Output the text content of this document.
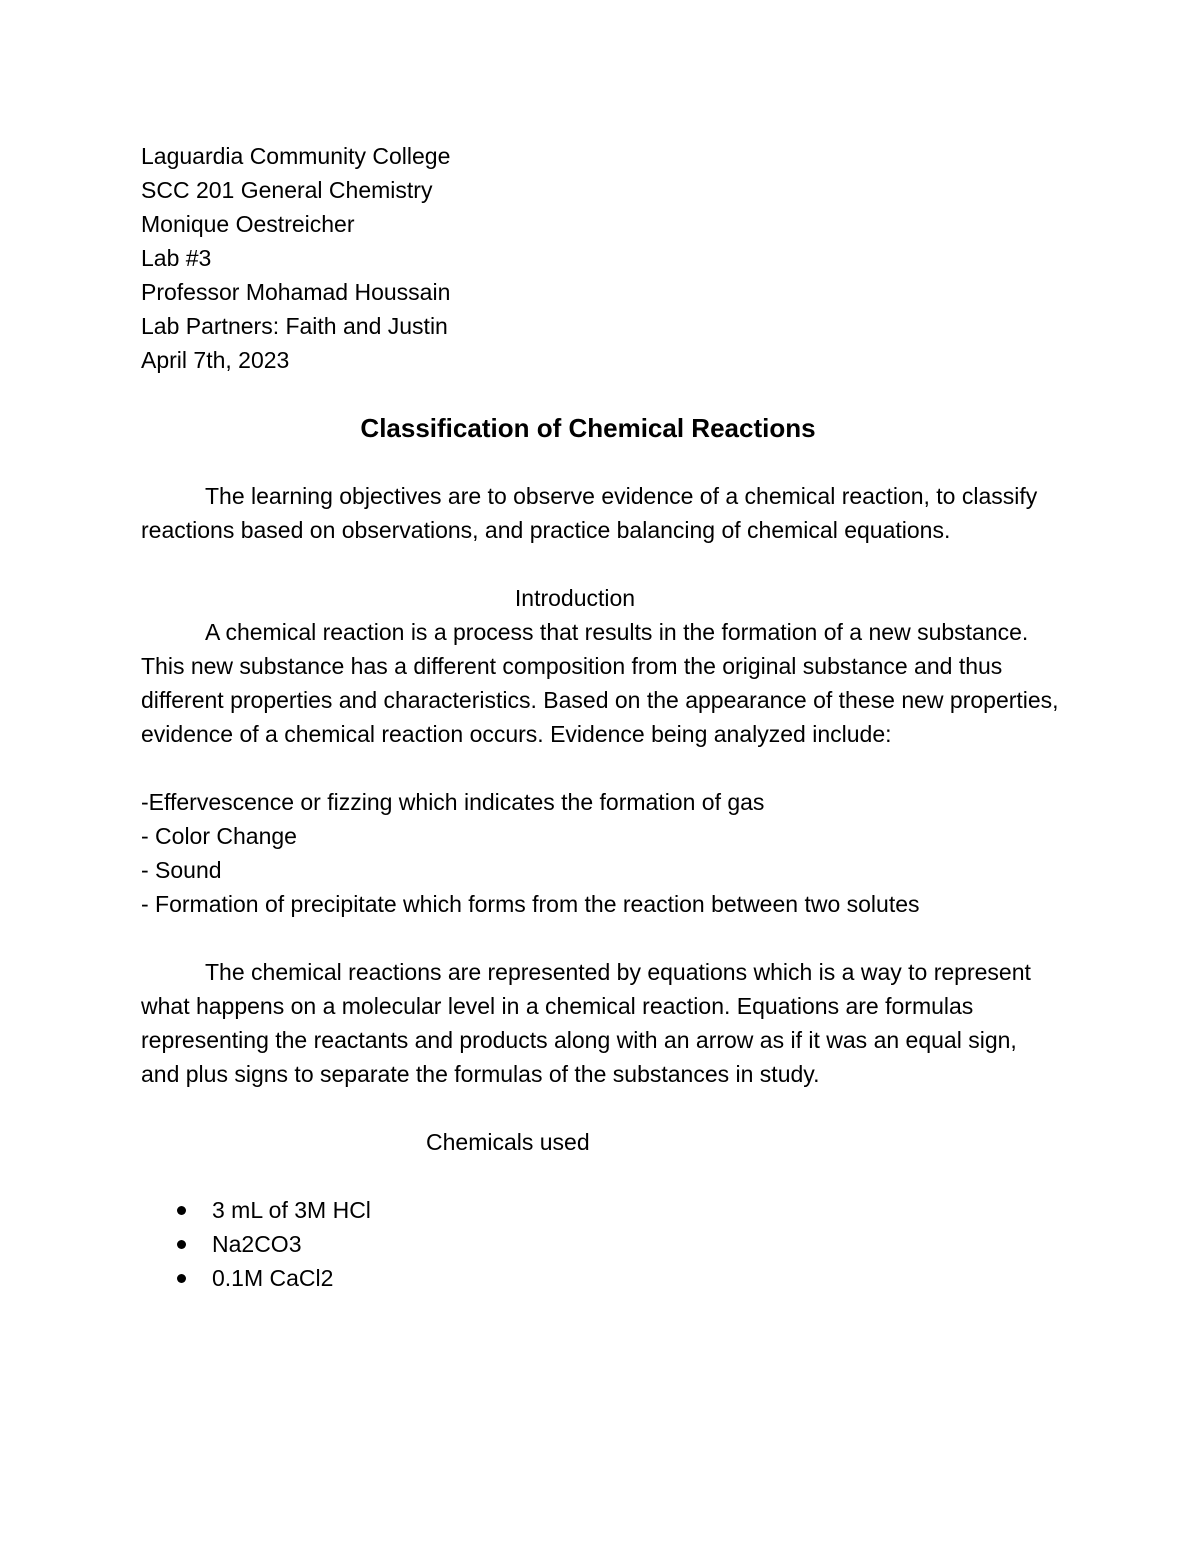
Laguardia Community College
SCC 201 General Chemistry
Monique Oestreicher
Lab #3
Professor Mohamad Houssain
Lab Partners: Faith and Justin
April 7th, 2023
Classification of Chemical Reactions
The learning objectives are to observe evidence of a chemical reaction, to classify reactions based on observations, and practice balancing of chemical equations.
Introduction
A chemical reaction is a process that results in the formation of a new substance. This new substance has a different composition from the original substance and thus different properties and characteristics. Based on the appearance of these new properties, evidence of a chemical reaction occurs. Evidence being analyzed include:
-Effervescence or fizzing which indicates the formation of gas
- Color Change
- Sound
- Formation of precipitate which forms from the reaction between two solutes
The chemical reactions are represented by equations which is a way to represent what happens on a molecular level in a chemical reaction. Equations are formulas representing the reactants and products along with an arrow as if it was an equal sign, and plus signs to separate the formulas of the substances in study.
Chemicals used
3 mL of 3M HCl
Na2CO3
0.1M CaCl2
